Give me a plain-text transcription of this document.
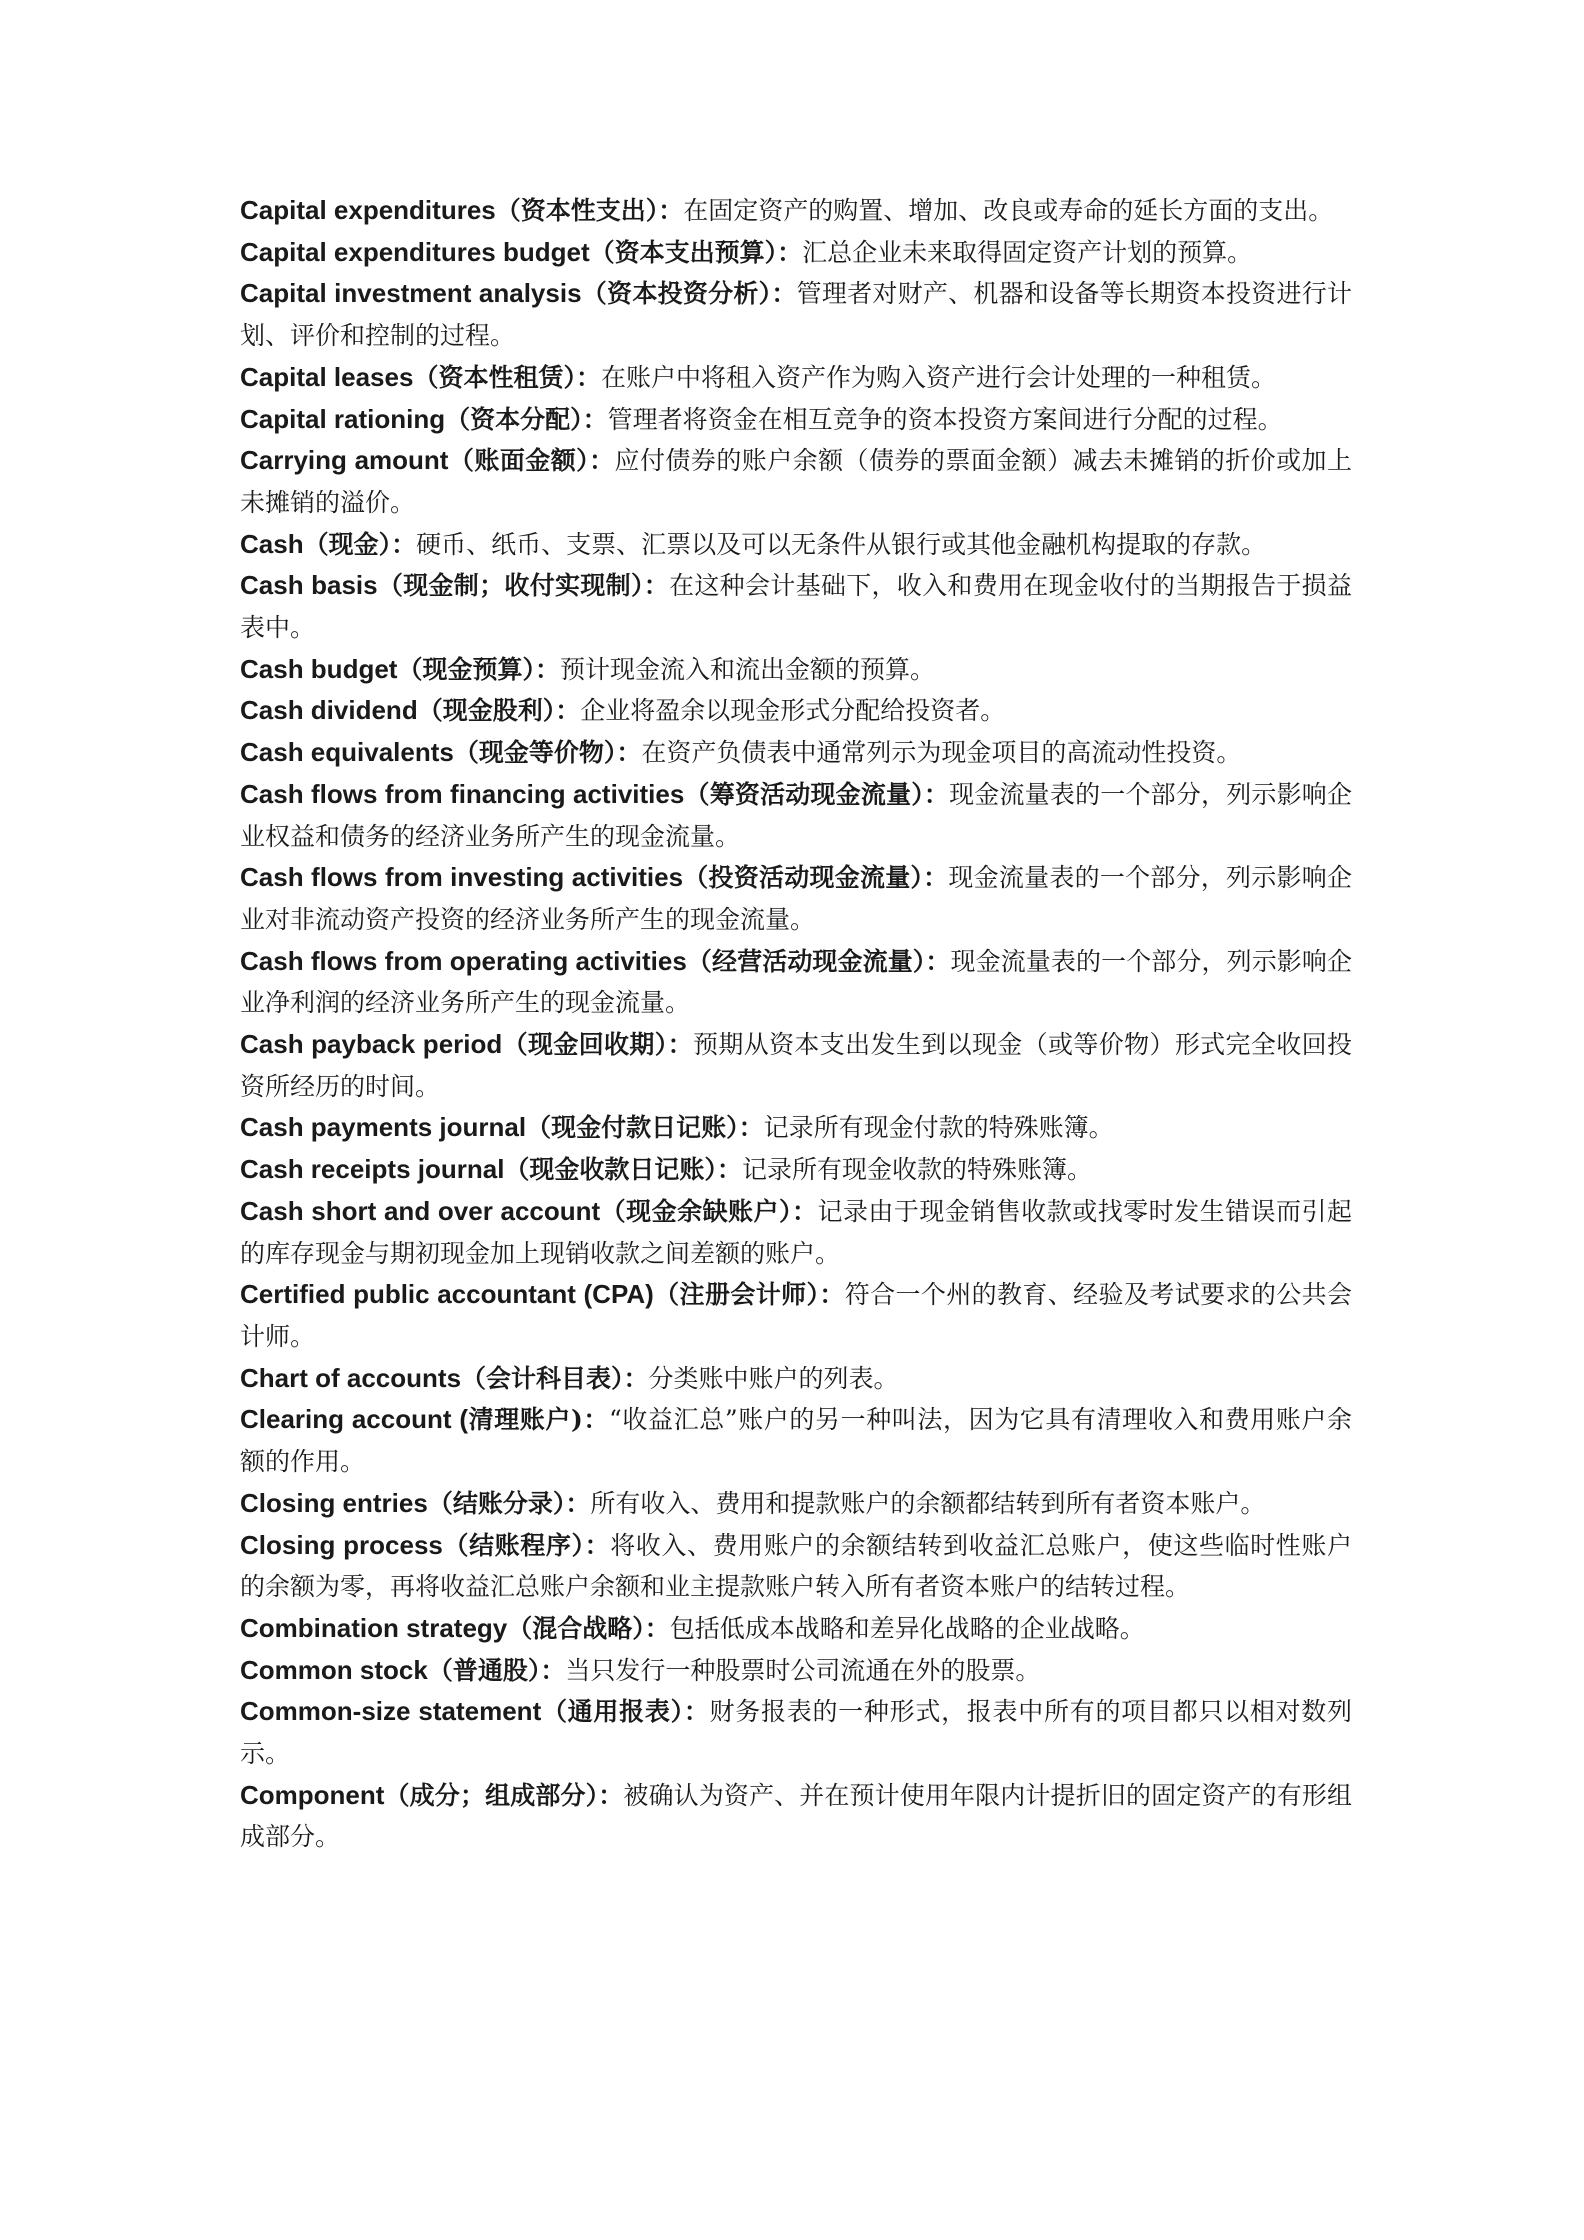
Capital expenditures（资本性支出）：在固定资产的购置、增加、改良或寿命的延长方面的支出。

Capital expenditures budget（资本支出预算）：汇总企业未来取得固定资产计划的预算。

Capital investment analysis（资本投资分析）：管理者对财产、机器和设备等长期资本投资进行计划、评价和控制的过程。

Capital leases（资本性租赁）：在账户中将租入资产作为购入资产进行会计处理的一种租赁。

Capital rationing（资本分配）：管理者将资金在相互竞争的资本投资方案间进行分配的过程。

Carrying amount（账面金额）：应付债券的账户余额（债券的票面金额）减去未摊销的折价或加上未摊销的溢价。

Cash（现金）：硬币、纸币、支票、汇票以及可以无条件从银行或其他金融机构提取的存款。

Cash basis（现金制；收付实现制）：在这种会计基础下，收入和费用在现金收付的当期报告于损益表中。

Cash budget（现金预算）：预计现金流入和流出金额的预算。

Cash dividend（现金股利）：企业将盈余以现金形式分配给投资者。

Cash equivalents（现金等价物）：在资产负债表中通常列示为现金项目的高流动性投资。

Cash flows from financing activities（筹资活动现金流量）：现金流量表的一个部分，列示影响企业权益和债务的经济业务所产生的现金流量。

Cash flows from investing activities（投资活动现金流量）：现金流量表的一个部分，列示影响企业对非流动资产投资的经济业务所产生的现金流量。

Cash flows from operating activities（经营活动现金流量）：现金流量表的一个部分，列示影响企业净利润的经济业务所产生的现金流量。

Cash payback period（现金回收期）：预期从资本支出发生到以现金（或等价物）形式完全收回投资所经历的时间。

Cash payments journal（现金付款日记账）：记录所有现金付款的特殊账簿。

Cash receipts journal（现金收款日记账）：记录所有现金收款的特殊账簿。

Cash short and over account（现金余缺账户）：记录由于现金销售收款或找零时发生错误而引起的库存现金与期初现金加上现销收款之间差额的账户。

Certified public accountant (CPA)（注册会计师）：符合一个州的教育、经验及考试要求的公共会计师。

Chart of accounts（会计科目表）：分类账中账户的列表。

Clearing account (清理账户)：“收益汇总”账户的另一种叫法，因为它具有清理收入和费用账户余额的作用。

Closing entries（结账分录）：所有收入、费用和提款账户的余额都结转到所有者资本账户。

Closing process（结账程序）：将收入、费用账户的余额结转到收益汇总账户，使这些临时性账户的余额为零，再将收益汇总账户余额和业主提款账户转入所有者资本账户的结转过程。

Combination strategy（混合战略）：包括低成本战略和差异化战略的企业战略。

Common stock（普通股）：当只发行一种股票时公司流通在外的股票。

Common-size statement（通用报表）：财务报表的一种形式，报表中所有的项目都只以相对数列示。

Component（成分；组成部分）：被确认为资产、并在预计使用年限内计提折旧的固定资产的有形组成部分。
